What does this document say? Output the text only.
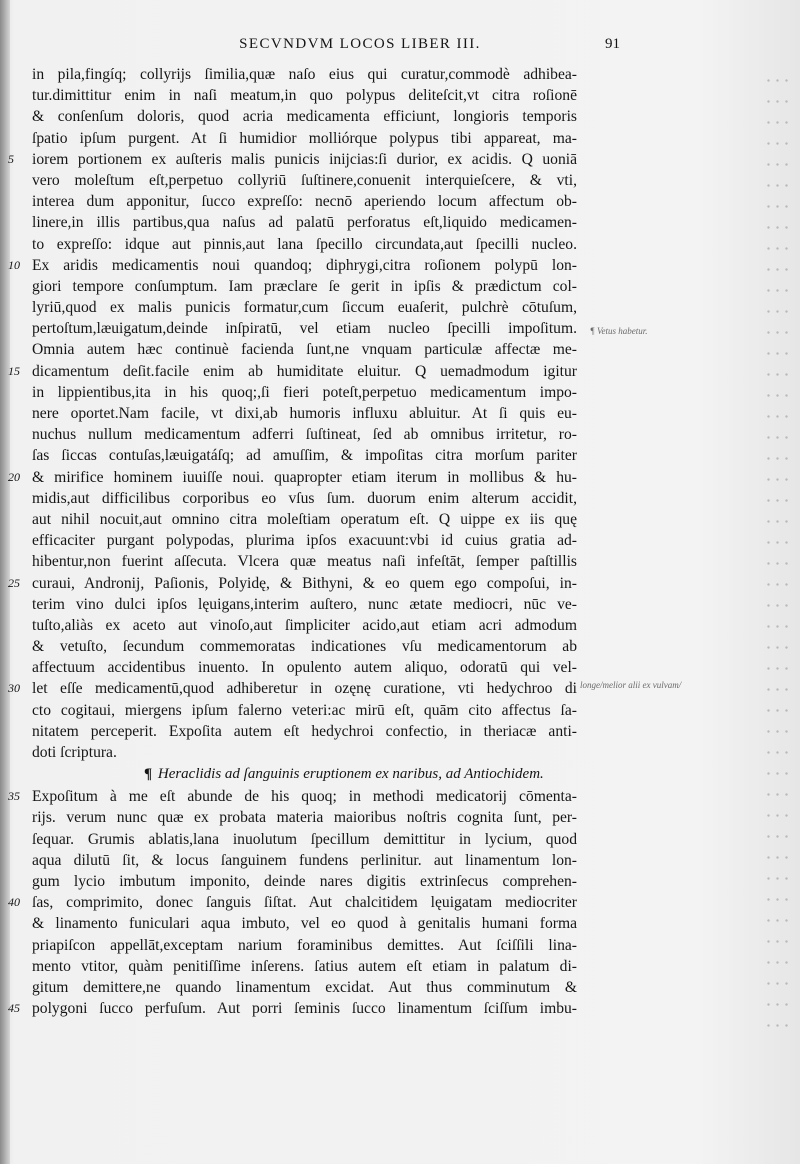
SECVNDVM LOCOS LIBER III.	91
¶ Vetus habetur.
longe/melior alii ex vulvam/
in pila,fingíq; collyrijs ſimilia,quæ naſo eius qui curatur,commodè adhibea-
tur.dimittitur enim in naſi meatum,in quo polypus deliteſcit,vt citra roſionē
& conſenſum doloris, quod acria medicamenta efficiunt, longioris temporis
ſpatio ipſum purgent. At ſi humidior molliórque polypus tibi appareat, ma-
5	iorem portionem ex auſteris malis punicis inijcias:ſi durior, ex acidis. Q uoniā
vero moleſtum eſt,perpetuo collyriū ſuſtinere,conuenit interquieſcere, & vti,
interea dum apponitur, ſucco expreſſo: necnō aperiendo locum affectum ob-
linere,in illis partibus,qua naſus ad palatū perforatus eſt,liquido medicamen-
to expreſſo: idque aut pinnis,aut lana ſpecillo circundata,aut ſpecilli nucleo.
10 Ex aridis medicamentis noui quandoq; diphrygi,citra roſionem polypū lon-
giori tempore conſumptum. Iam præclare ſe gerit in ipſis & prædictum col-
lyriū,quod ex malis punicis formatur,cum ſiccum euaſerit, pulchrè cōtuſum,
pertoſtum,læuigatum,deinde inſpiratū, vel etiam nucleo ſpecilli impoſitum.
Omnia autem hæc continuè facienda ſunt,ne vnquam particulæ affectæ me-
15 dicamentum deſit.facile enim ab humiditate eluitur. Q uemadmodum igitur
in lippientibus,ita in his quoq;,ſi fieri poteſt,perpetuo medicamentum impo-
nere oportet.Nam facile, vt dixi,ab humoris influxu abluitur. At ſi quis eu-
nuchus nullum medicamentum adferri ſuſtineat, ſed ab omnibus irritetur, ro-
ſas ſiccas contuſas,læuigatáſq; ad amuſſim, & impoſitas citra morſum pariter
20 & mirifice hominem iuuiſſe noui. quapropter etiam iterum in mollibus & hu-
midis,aut difficilibus corporibus eo vſus ſum. duorum enim alterum accidit,
aut nihil nocuit,aut omnino citra moleſtiam operatum eſt. Q uippe ex iis quę
efficaciter purgant polypodas, plurima ipſos exacuunt:vbi id cuius gratia ad-
hibentur,non fuerint aſſecuta. Vlcera quæ meatus naſi infeſtāt, ſemper paſtillis
25 curaui, Andronij, Paſionis, Polyidę, & Bithyni, & eo quem ego compoſui, in-
terim vino dulci ipſos lęuigans,interim auſtero, nunc ætate mediocri, nūc ve-
tuſto,aliàs ex aceto aut vinoſo,aut ſimpliciter acido,aut etiam acri admodum
& vetuſto, ſecundum commemoratas indicationes vſu medicamentorum ab
affectuum accidentibus inuento. In opulento autem aliquo, odoratū qui vel-
30 let eſſe medicamentū,quod adhiberetur in ozęnę curatione, vti hedychroo di
cto cogitaui, miergens ipſum falerno veteri:ac mirū eſt, quām cito affectus ſa-
nitatem perceperit. Expoſita autem eſt hedychroi confectio, in theriacæ anti-
doti ſcriptura.
¶ Heraclidis ad ſanguinis eruptionem ex naribus, ad Antiochidem.
35 Expoſitum à me eſt abunde de his quoq; in methodi medicatorij cōmenta-
rijs. verum nunc quæ ex probata materia maioribus noſtris cognita ſunt, per-
ſequar. Grumis ablatis,lana inuolutum ſpecillum demittitur in lycium, quod
aqua dilutū ſit, & locus ſanguinem fundens perlinitur. aut linamentum lon-
gum lycio imbutum imponito, deinde nares digitis extrinſecus comprehen-
40 ſas, comprimito, donec ſanguis ſiſtat. Aut chalcitidem lęuigatam mediocriter
& linamento funiculari aqua imbuto, vel eo quod à genitalis humani forma
priapiſcon appellāt,exceptam narium foraminibus demittes. Aut ſciſſili lina-
mento vtitor, quàm penitiſſime inſerens. ſatius autem eſt etiam in palatum di-
gitum demittere,ne quando linamentum excidat. Aut thus comminutum &
45 polygoni ſucco perfuſum. Aut porri ſeminis ſucco linamentum ſciſſum imbu-
